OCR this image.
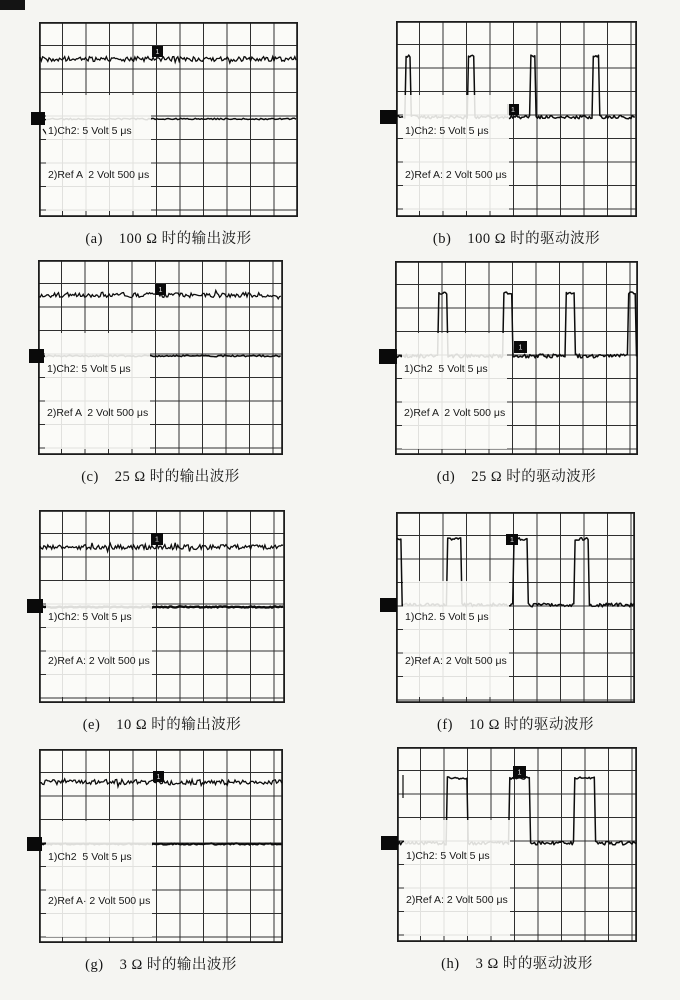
1

1)Ch2: 5 Volt 5 μs

2)Ref A  2 Volt 500 μs

(a) 100 Ω 时的输出波形
1

1)Ch2: 5 Volt 5 μs

2)Ref A: 2 Volt 500 μs

(b) 100 Ω 时的驱动波形
1

1)Ch2: 5 Volt 5 μs

2)Ref A  2 Volt 500 μs

(c) 25 Ω 时的输出波形
1

1)Ch2  5 Volt 5 μs

2)Ref A  2 Volt 500 μs

(d) 25 Ω 时的驱动波形
1

1)Ch2: 5 Volt 5 μs

2)Ref A: 2 Volt 500 μs

(e) 10 Ω 时的输出波形
1

1)Ch2. 5 Volt 5 μs

2)Ref A: 2 Volt 500 μs

(f) 10 Ω 时的驱动波形
1

1)Ch2  5 Volt 5 μs

2)Ref A· 2 Volt 500 μs

(g) 3 Ω 时的输出波形
1

1)Ch2: 5 Volt 5 μs

2)Ref A: 2 Volt 500 μs

(h) 3 Ω 时的驱动波形
